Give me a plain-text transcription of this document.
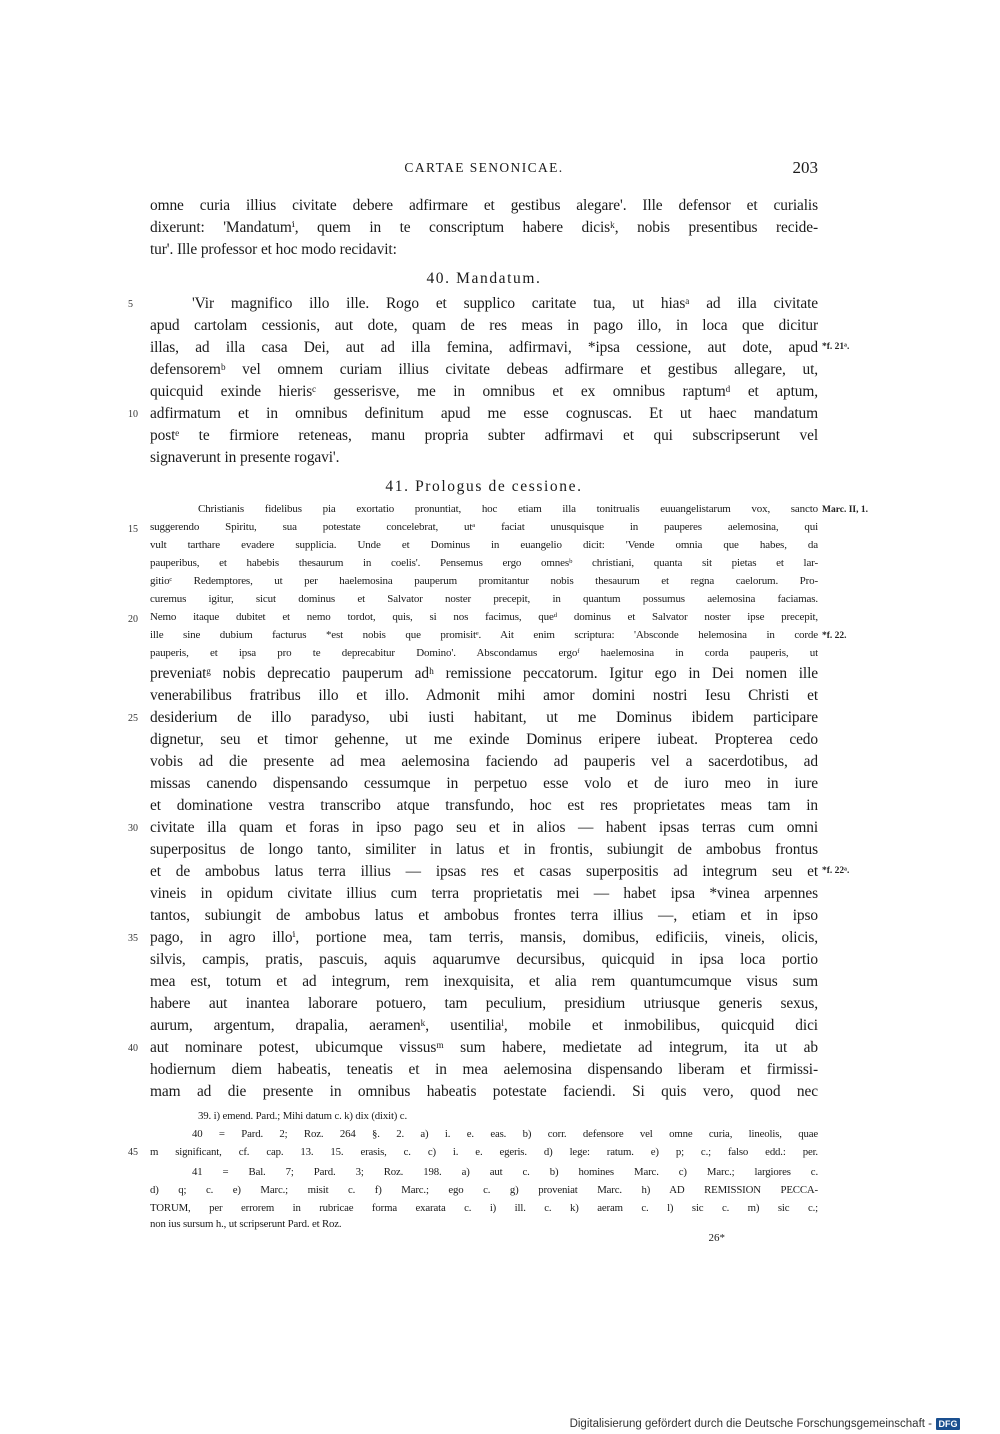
CARTAE SENONICAE.	203
omne curia illius civitate debere adfirmare et gestibus alegare'. Ille defensor et curialis
dixerunt: 'Mandatumⁱ, quem in te conscriptum habere dicisᵏ, nobis presentibus recide-
tur'. Ille professor et hoc modo recidavit:
40. Mandatum.
'Vir magnifico illo ille. Rogo et supplico caritate tua, ut hiasᵃ ad illa civitate
apud cartolam cessionis, aut dote, quam de res meas in pago illo, in loca que dicitur
illas, ad illa casa Dei, aut ad illa femina, adfirmavi, *ipsa cessione, aut dote, apud
defensoremᵇ vel omnem curiam illius civitate debeas adfirmare et gestibus allegare, ut,
quicquid exinde hierisᶜ gesserisve, me in omnibus et ex omnibus raptumᵈ et aptum,
adfirmatum et in omnibus definitum apud me esse cognuscas. Et ut haec mandatum
postᵉ te firmiore reteneas, manu propria subter adfirmavi et qui subscripserunt vel
signaverunt in presente rogavi'.
41. Prologus de cessione.
Christianis fidelibus pia exortatio pronuntiat, hoc etiam illa tonitrualis euuangelistarum vox, sancto
suggerendo Spiritu, sua potestate concelebrat, utᵃ faciat unusquisque in pauperes aelemosina, qui
vult tarthare evadere supplicia. Unde et Dominus in euangelio dicit: 'Vende omnia que habes, da
pauperibus, et habebis thesaurum in coelis'. Pensemus ergo omnesᵇ christiani, quanta sit pietas et lar-
gitioᶜ Redemptores, ut per haelemosina pauperum promitantur nobis thesaurum et regna caelorum. Pro-
curemus igitur, sicut dominus et Salvator noster precepit, in quantum possumus aelemosina faciamas.
Nemo itaque dubitet et nemo tordot, quis, si nos facimus, queᵈ dominus et Salvator noster ipse precepit,
ille sine dubium facturus *est nobis que promisitᵉ. Ait enim scriptura: 'Absconde helemosina in corde
pauperis, et ipsa pro te deprecabitur Domino'. Abscondamus ergoᶠ haelemosina in corda pauperis, ut
preveniatᵍ nobis deprecatio pauperum adʰ remissione peccatorum. Igitur ego in Dei nomen ille
venerabilibus fratribus illo et illo. Admonit mihi amor domini nostri Iesu Christi et
desiderium de illo paradyso, ubi iusti habitant, ut me Dominus ibidem participare
dignetur, seu et timor gehenne, ut me exinde Dominus eripere iubeat. Propterea cedo
vobis ad die presente ad mea aelemosina faciendo ad pauperis vel a sacerdotibus, ad
missas canendo dispensando cessumque in perpetuo esse volo et de iuro meo in iure
et dominatione vestra transcribo atque transfundo, hoc est res proprietates meas tam in
civitate illa quam et foras in ipso pago seu et in alios — habent ipsas terras cum omni
superpositus de longo tanto, similiter in latus et in frontis, subiungit de ambobus frontus
et de ambobus latus terra illius — ipsas res et casas superpositis ad integrum seu et
vineis in opidum civitate illius cum terra proprietatis mei — habet ipsa *vinea arpennes
tantos, subiungit de ambobus latus et ambobus frontes terra illius —, etiam et in ipso
pago, in agro illoⁱ, portione mea, tam terris, mansis, domibus, edificiis, vineis, olicis,
silvis, campis, pratis, pascuis, aquis aquarumve decursibus, quicquid in ipsa loca portio
mea est, totum et ad integrum, rem inexquisita, et alia rem quantumcumque visus sum
habere aut inantea laborare potuero, tam peculium, presidium utriusque generis sexus,
aurum, argentum, drapalia, aeramenᵏ, usentiliaˡ, mobile et inmobilibus, quicquid dici
aut nominare potest, ubicumque vissusᵐ sum habere, medietate ad integrum, ita ut ab
hodiernum diem habeatis, teneatis et in mea aelemosina dispensando liberam et firmissi-
mam ad die presente in omnibus habeatis potestate faciendi. Si quis vero, quod nec
39. i) emend. Pard.; Mihi datum c. k) dix (dixit) c.
40 = Pard. 2; Roz. 264 §. 2. a) i. e. eas. b) corr. defensore vel omne curia, lineolis, quae
m significant, cf. cap. 13. 15. erasis, c. c) i. e. egeris. d) lege: ratum. e) p; c.; falso edd.: per.
41 = Bal. 7; Pard. 3; Roz. 198. a) aut c. b) homines Marc. c) Marc.; largiores c.
d) q; c. e) Marc.; misit c. f) Marc.; ego c. g) proveniat Marc. h) AD REMISSION PECCA-
TORUM, per errorem in rubricae forma exarata c. i) ill. c. k) aeram c. l) sic c. m) sic c.;
non ius sursum h., ut scripserunt Pard. et Roz.
26*
5
10
15
20
25
30
35
40
45
*f. 21ᵃ.
Marc. II, 1.
*f. 22.
*f. 22ᵃ.
Digitalisierung gefördert durch die Deutsche Forschungsgemeinschaft - DFG
